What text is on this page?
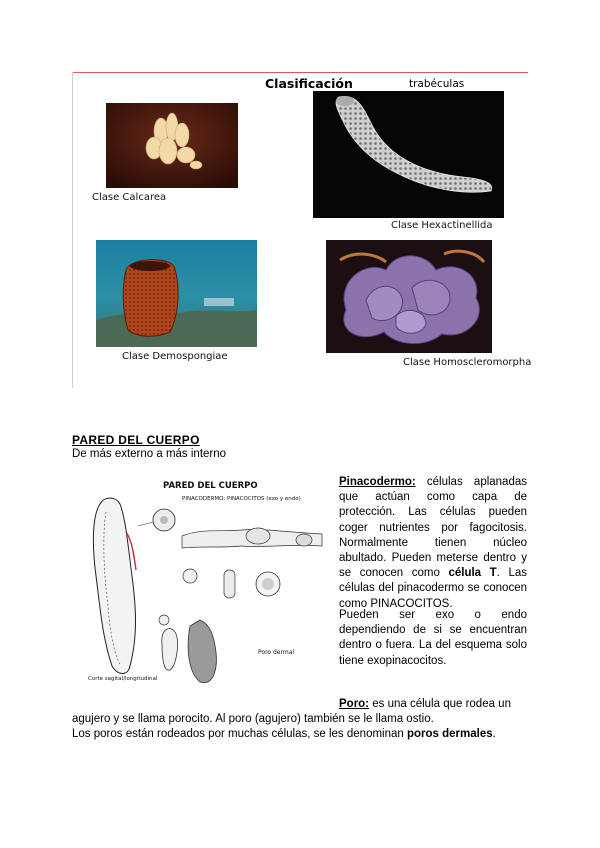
Clasificación	trabéculas
Clase Calcarea
Clase Hexactinellida
Clase Demospongiae
Clase Homoscleromorpha
PARED DEL CUERPO
De más externo a más interno
PARED DEL CUERPO
PINACODERMO: PINACOCITOS (exo y endo)
Corte sagital/longitudinal
Poro dermal
Pinacodermo: células aplanadas que actúan como capa de protección. Las células pueden coger nutrientes por fagocitosis. Normalmente tienen núcleo abultado. Pueden meterse dentro y se conocen como célula T. Las células del pinacodermo se conocen como PINACOCITOS.
Pueden ser exo o endo dependiendo de si se encuentran dentro o fuera. La del esquema solo tiene exopinacocitos.
Poro: es una célula que rodea un
agujero y se llama porocito. Al poro (agujero) también se le llama ostio.
Los poros están rodeados por muchas células, se les denominan poros dermales.
